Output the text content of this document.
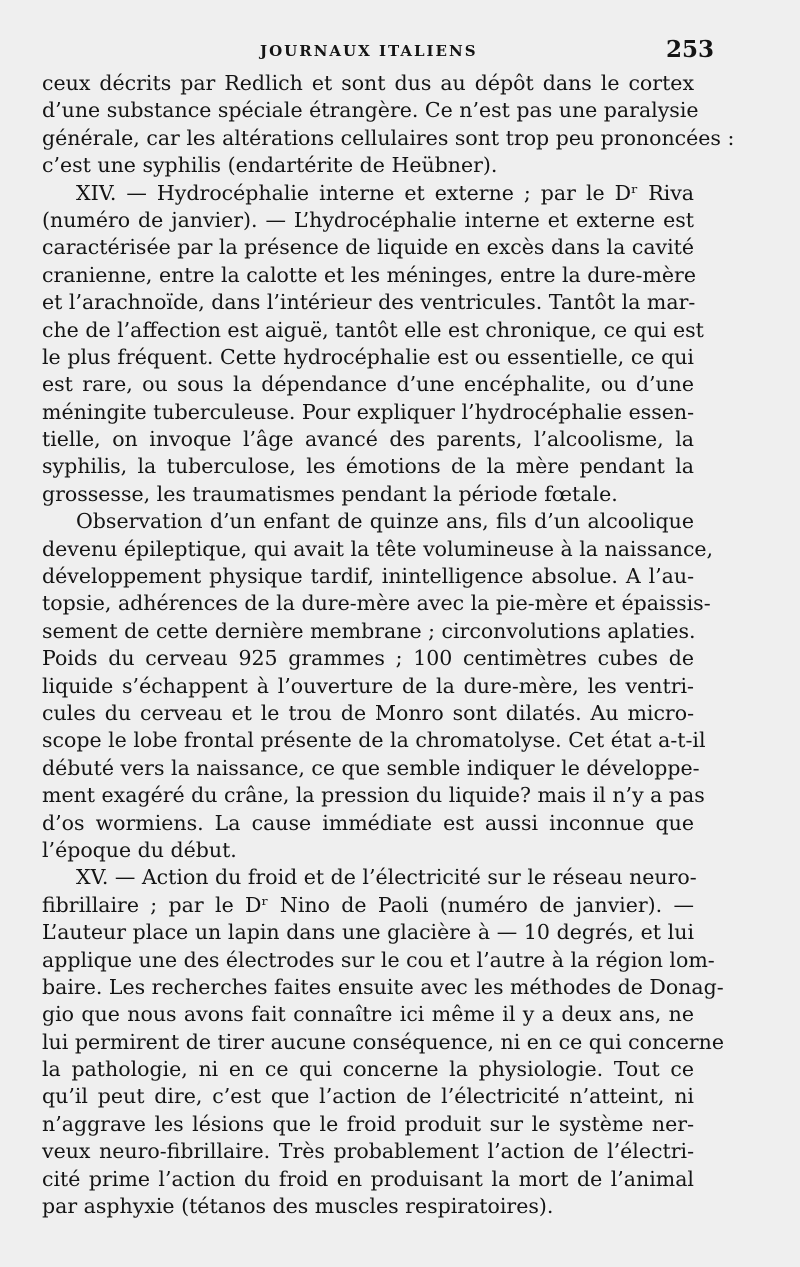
JOURNAUX ITALIENS	253
ceux décrits par Redlich et sont dus au dépôt dans le cortex
d’une substance spéciale étrangère. Ce n’est pas une paralysie
générale, car les altérations cellulaires sont trop peu prononcées :
c’est une syphilis (endartérite de Heübner).
XIV. — Hydrocéphalie interne et externe ; par le Dʳ Riva
(numéro de janvier). — L’hydrocéphalie interne et externe est
caractérisée par la présence de liquide en excès dans la cavité
cranienne, entre la calotte et les méninges, entre la dure-mère
et l’arachnoïde, dans l’intérieur des ventricules. Tantôt la mar-
che de l’affection est aiguë, tantôt elle est chronique, ce qui est
le plus fréquent. Cette hydrocéphalie est ou essentielle, ce qui
est rare, ou sous la dépendance d’une encéphalite, ou d’une
méningite tuberculeuse. Pour expliquer l’hydrocéphalie essen-
tielle, on invoque l’âge avancé des parents, l’alcoolisme, la
syphilis, la tuberculose, les émotions de la mère pendant la
grossesse, les traumatismes pendant la période fœtale.
Observation d’un enfant de quinze ans, fils d’un alcoolique
devenu épileptique, qui avait la tête volumineuse à la naissance,
développement physique tardif, inintelligence absolue. A l’au-
topsie, adhérences de la dure-mère avec la pie-mère et épaissis-
sement de cette dernière membrane ; circonvolutions aplaties.
Poids du cerveau 925 grammes ; 100 centimètres cubes de
liquide s’échappent à l’ouverture de la dure-mère, les ventri-
cules du cerveau et le trou de Monro sont dilatés. Au micro-
scope le lobe frontal présente de la chromatolyse. Cet état a-t-il
débuté vers la naissance, ce que semble indiquer le développe-
ment exagéré du crâne, la pression du liquide? mais il n’y a pas
d’os wormiens. La cause immédiate est aussi inconnue que
l’époque du début.
XV. — Action du froid et de l’électricité sur le réseau neuro-
fibrillaire ; par le Dʳ Nino de Paoli (numéro de janvier). —
L’auteur place un lapin dans une glacière à — 10 degrés, et lui
applique une des électrodes sur le cou et l’autre à la région lom-
baire. Les recherches faites ensuite avec les méthodes de Donag-
gio que nous avons fait connaître ici même il y a deux ans, ne
lui permirent de tirer aucune conséquence, ni en ce qui concerne
la pathologie, ni en ce qui concerne la physiologie. Tout ce
qu’il peut dire, c’est que l’action de l’électricité n’atteint, ni
n’aggrave les lésions que le froid produit sur le système ner-
veux neuro-fibrillaire. Très probablement l’action de l’électri-
cité prime l’action du froid en produisant la mort de l’animal
par asphyxie (tétanos des muscles respiratoires).
